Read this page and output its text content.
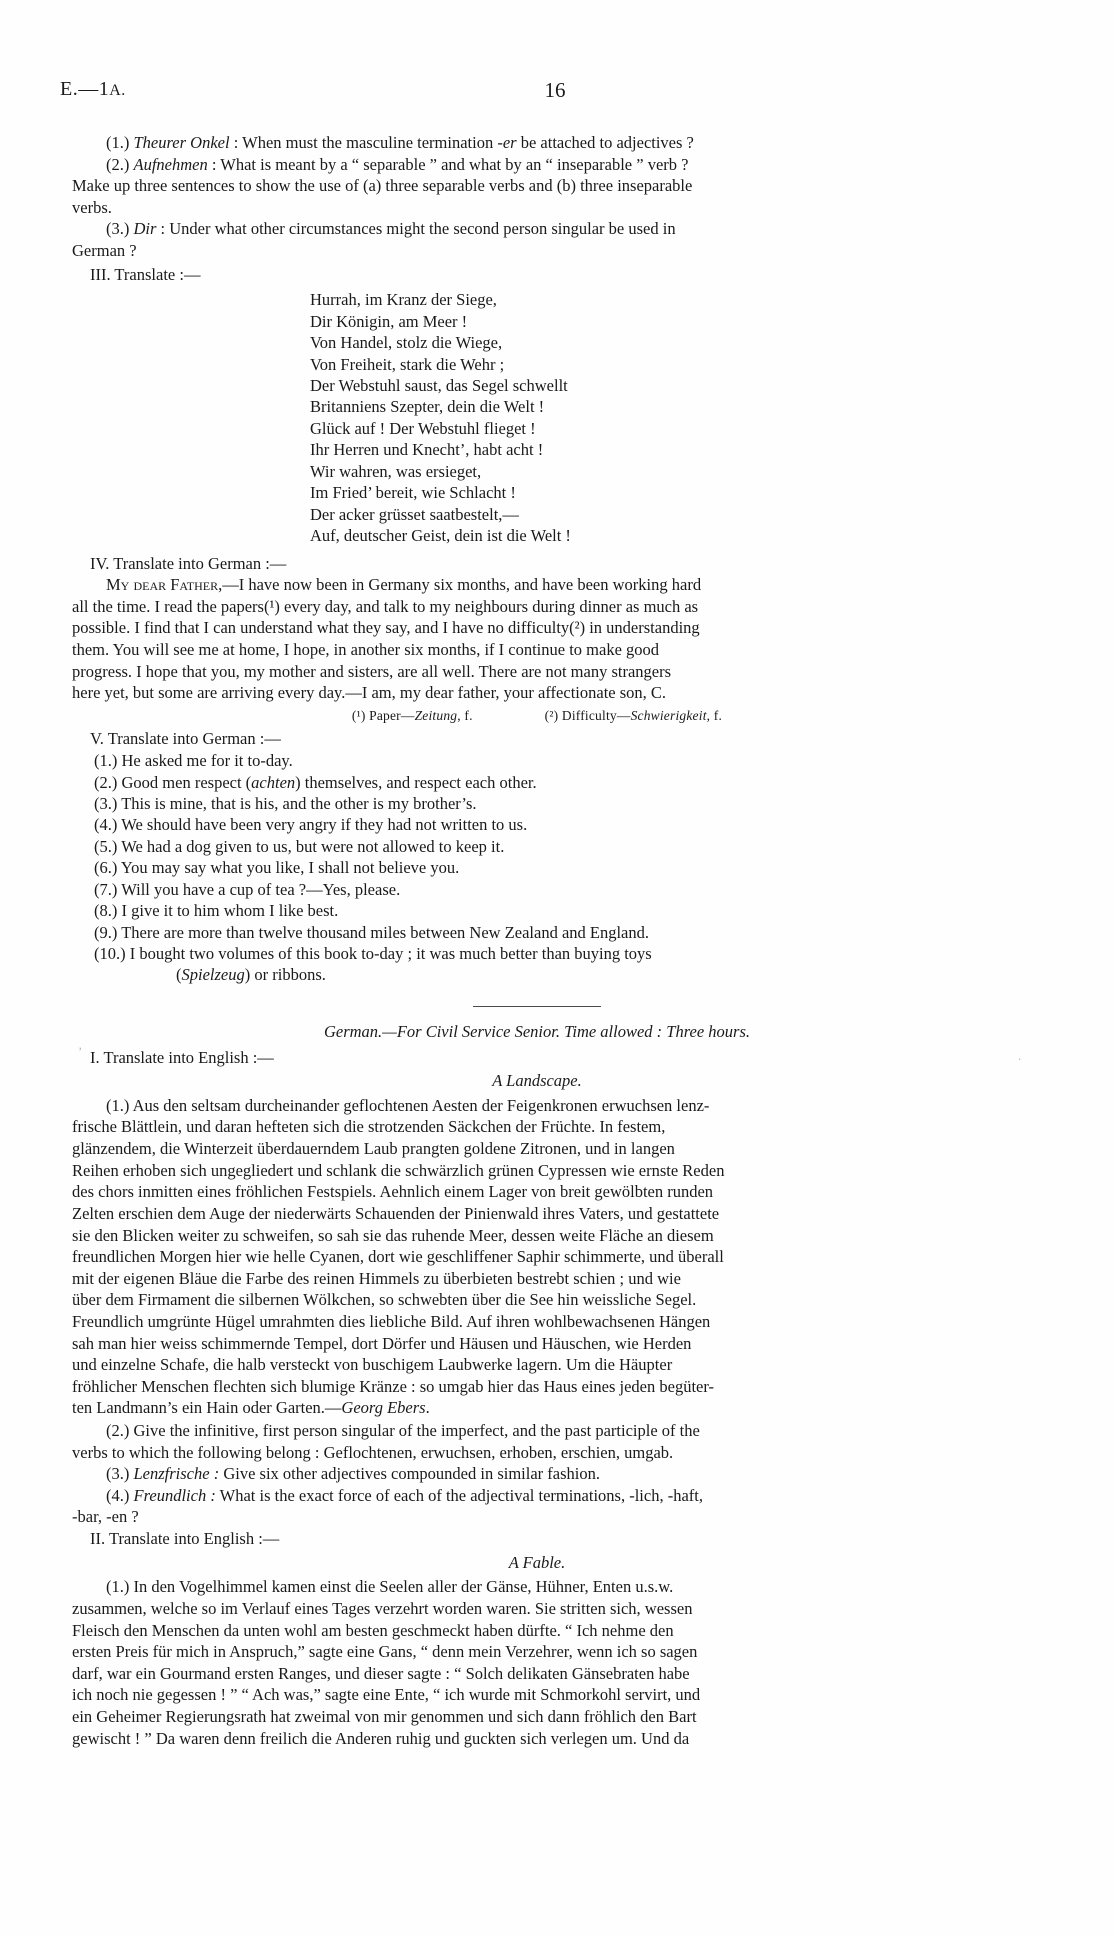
E.—1A.	16

(1.) Theurer Onkel : When must the masculine termination -er be attached to adjectives ?

(2.) Aufnehmen : What is meant by a “ separable ” and what by an “ inseparable ” verb ?

Make up three sentences to show the use of (a) three separable verbs and (b) three inseparable

verbs.

(3.) Dir : Under what other circumstances might the second person singular be used in

German ?

III. Translate :—

Hurrah, im Kranz der Siege,
Dir Königin, am Meer !
Von Handel, stolz die Wiege,
Von Freiheit, stark die Wehr ;
Der Webstuhl saust, das Segel schwellt
Britanniens Szepter, dein die Welt !
Glück auf ! Der Webstuhl flieget !
Ihr Herren und Knecht’, habt acht !
Wir wahren, was ersieget,
Im Fried’ bereit, wie Schlacht !
Der acker grüsset saatbestelt,—
Auf, deutscher Geist, dein ist die Welt !

IV. Translate into German :—

My dear Father,—I have now been in Germany six months, and have been working hard

all the time. I read the papers(¹) every day, and talk to my neighbours during dinner as much as

possible. I find that I can understand what they say, and I have no difficulty(²) in understanding

them. You will see me at home, I hope, in another six months, if I continue to make good

progress. I hope that you, my mother and sisters, are all well. There are not many strangers

here yet, but some are arriving every day.—I am, my dear father, your affectionate son, C.

(¹) Paper—Zeitung, f.	(²) Difficulty—Schwierigkeit, f.

V. Translate into German :—

(1.) He asked me for it to-day.
(2.) Good men respect (achten) themselves, and respect each other.
(3.) This is mine, that is his, and the other is my brother’s.
(4.) We should have been very angry if they had not written to us.
(5.) We had a dog given to us, but were not allowed to keep it.
(6.) You may say what you like, I shall not believe you.
(7.) Will you have a cup of tea ?—Yes, please.
(8.) I give it to him whom I like best.
(9.) There are more than twelve thousand miles between New Zealand and England.
(10.) I bought two volumes of this book to-day ; it was much better than buying toys

(Spielzeug) or ribbons.

German.—For Civil Service Senior. Time allowed : Three hours.

I. Translate into English :—

A Landscape.

(1.) Aus den seltsam durcheinander geflochtenen Aesten der Feigenkronen erwuchsen lenz-

frische Blättlein, und daran hefteten sich die strotzenden Säckchen der Früchte. In festem,

glänzendem, die Winterzeit überdauerndem Laub prangten goldene Zitronen, und in langen

Reihen erhoben sich ungegliedert und schlank die schwärzlich grünen Cypressen wie ernste Reden

des chors inmitten eines fröhlichen Festspiels. Aehnlich einem Lager von breit gewölbten runden

Zelten erschien dem Auge der niederwärts Schauenden der Pinienwald ihres Vaters, und gestattete

sie den Blicken weiter zu schweifen, so sah sie das ruhende Meer, dessen weite Fläche an diesem

freundlichen Morgen hier wie helle Cyanen, dort wie geschliffener Saphir schimmerte, und überall

mit der eigenen Bläue die Farbe des reinen Himmels zu überbieten bestrebt schien ; und wie

über dem Firmament die silbernen Wölkchen, so schwebten über die See hin weissliche Segel.

Freundlich umgrünte Hügel umrahmten dies liebliche Bild. Auf ihren wohlbewachsenen Hängen

sah man hier weiss schimmernde Tempel, dort Dörfer und Häusen und Häuschen, wie Herden

und einzelne Schafe, die halb versteckt von buschigem Laubwerke lagern. Um die Häupter

fröhlicher Menschen flechten sich blumige Kränze : so umgab hier das Haus eines jeden begüter-

ten Landmann’s ein Hain oder Garten.—Georg Ebers.

(2.) Give the infinitive, first person singular of the imperfect, and the past participle of the

verbs to which the following belong : Geflochtenen, erwuchsen, erhoben, erschien, umgab.

(3.) Lenzfrische : Give six other adjectives compounded in similar fashion.

(4.) Freundlich : What is the exact force of each of the adjectival terminations, -lich, -haft,

-bar, -en ?

II. Translate into English :—

A Fable.

(1.) In den Vogelhimmel kamen einst die Seelen aller der Gänse, Hühner, Enten u.s.w.

zusammen, welche so im Verlauf eines Tages verzehrt worden waren. Sie stritten sich, wessen

Fleisch den Menschen da unten wohl am besten geschmeckt haben dürfte. “ Ich nehme den

ersten Preis für mich in Anspruch,” sagte eine Gans, “ denn mein Verzehrer, wenn ich so sagen

darf, war ein Gourmand ersten Ranges, und dieser sagte : “ Solch delikaten Gänsebraten habe

ich noch nie gegessen ! ” “ Ach was,” sagte eine Ente, “ ich wurde mit Schmorkohl servirt, und

ein Geheimer Regierungsrath hat zweimal von mir genommen und sich dann fröhlich den Bart

gewischt ! ” Da waren denn freilich die Anderen ruhig und guckten sich verlegen um. Und da

’	.
